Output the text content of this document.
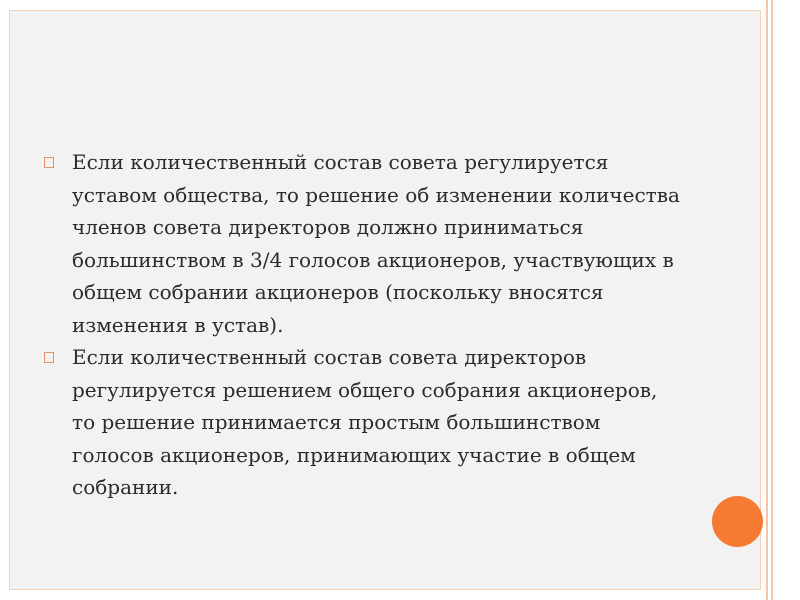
Если количественный состав совета регулируется уставом общества, то решение об изменении количества членов совета директоров должно приниматься большинством в 3/4 голосов акционеров, участвующих в общем собрании акционеров (поскольку вносятся изменения в устав).

Если количественный состав совета директоров регулируется решением общего собрания акционеров, то решение принимается простым большинством голосов акционеров, принимающих участие в общем собрании.
